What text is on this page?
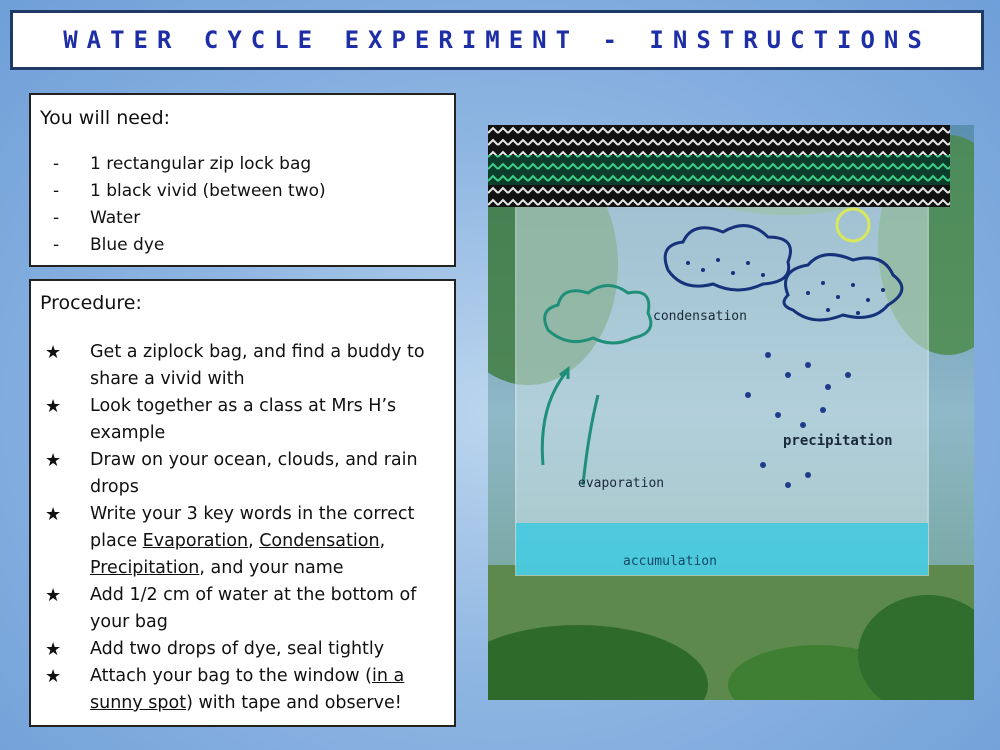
WATER CYCLE EXPERIMENT - INSTRUCTIONS
You will need:
-	1 rectangular zip lock bag
-	1 black vivid (between two)
-	Water
-	Blue dye
Procedure:
★	Get a ziplock bag, and find a buddy to share a vivid with
★	Look together as a class at Mrs H’s example
★	Draw on your ocean, clouds, and rain drops
★	Write your 3 key words in the correct place Evaporation, Condensation,
Precipitation, and your name
★	Add 1/2 cm of water at the bottom of your bag
★	Add two drops of dye, seal tightly
★	Attach your bag to the window (in a sunny spot) with tape and observe!
condensation
precipitation
evaporation
accumulation
